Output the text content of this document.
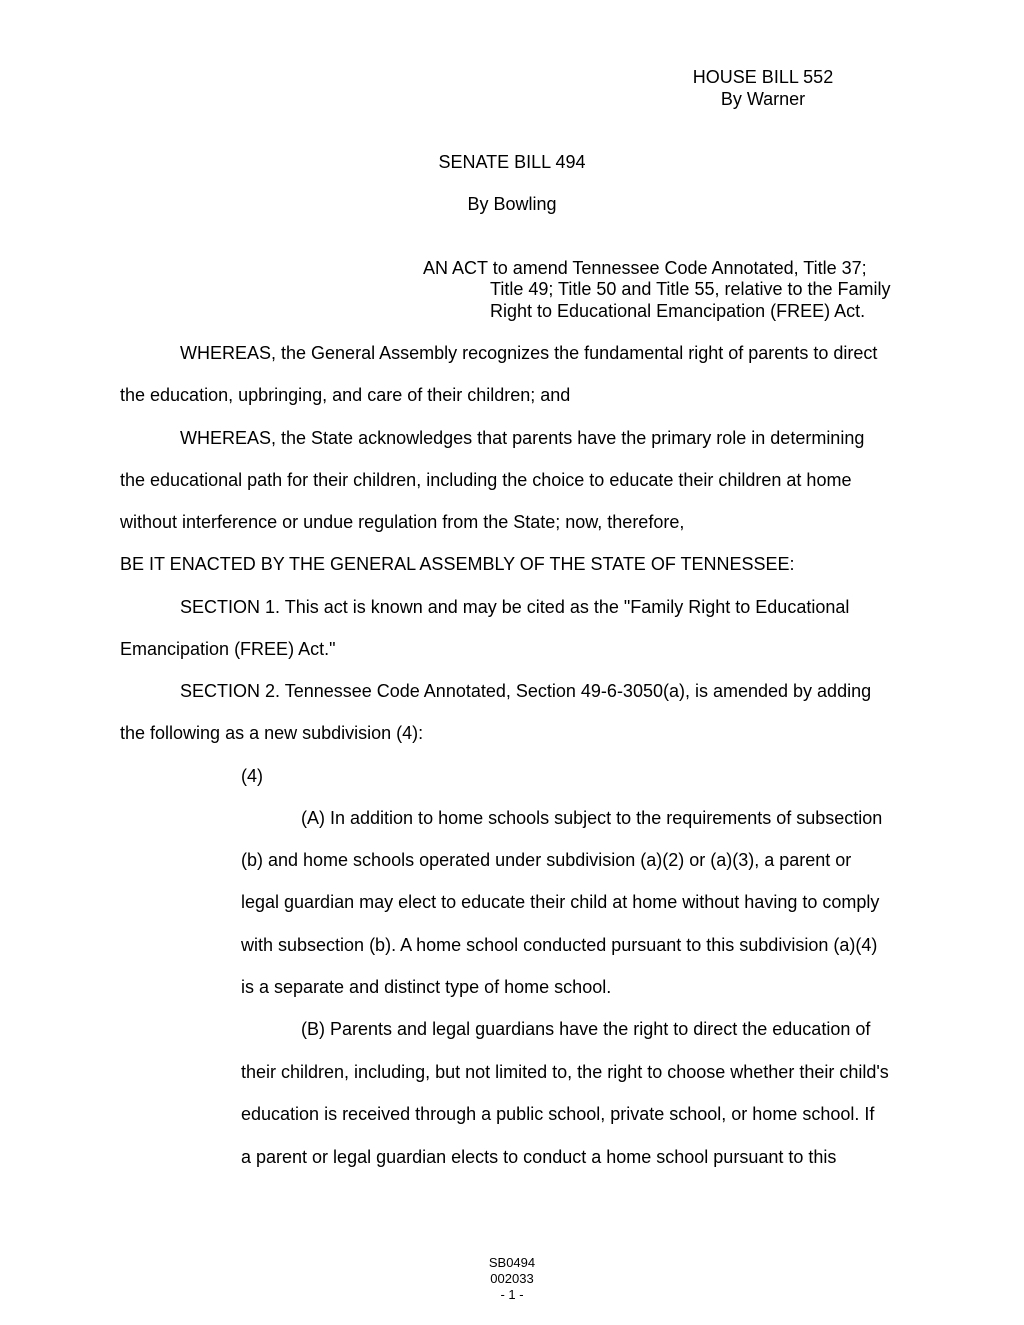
HOUSE BILL 552
By Warner
SENATE BILL 494
By Bowling
AN ACT to amend Tennessee Code Annotated, Title 37;
Title 49; Title 50 and Title 55, relative to the Family
Right to Educational Emancipation (FREE) Act.
WHEREAS, the General Assembly recognizes the fundamental right of parents to direct
the education, upbringing, and care of their children; and
WHEREAS, the State acknowledges that parents have the primary role in determining
the educational path for their children, including the choice to educate their children at home
without interference or undue regulation from the State; now, therefore,
BE IT ENACTED BY THE GENERAL ASSEMBLY OF THE STATE OF TENNESSEE:
SECTION 1. This act is known and may be cited as the "Family Right to Educational
Emancipation (FREE) Act."
SECTION 2. Tennessee Code Annotated, Section 49-6-3050(a), is amended by adding
the following as a new subdivision (4):
(4)
(A) In addition to home schools subject to the requirements of subsection
(b) and home schools operated under subdivision (a)(2) or (a)(3), a parent or
legal guardian may elect to educate their child at home without having to comply
with subsection (b). A home school conducted pursuant to this subdivision (a)(4)
is a separate and distinct type of home school.
(B) Parents and legal guardians have the right to direct the education of
their children, including, but not limited to, the right to choose whether their child's
education is received through a public school, private school, or home school. If
a parent or legal guardian elects to conduct a home school pursuant to this
SB0494
002033
- 1 -
